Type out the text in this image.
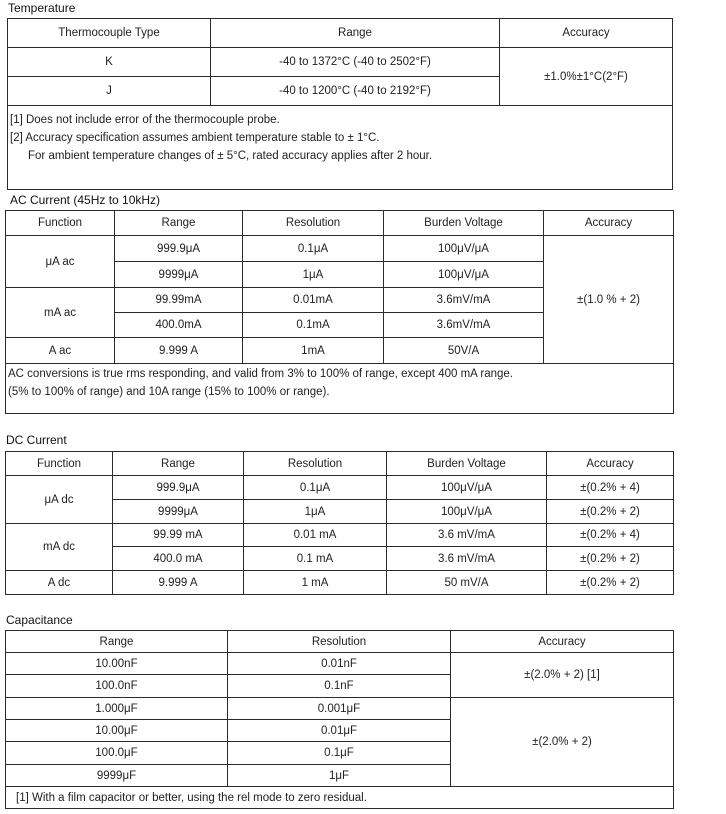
Temperature
Thermocouple Type	Range	Accuracy
K	-40 to 1372°C (-40 to 2502°F)	±1.0%±1°C(2°F)
J	-40 to 1200°C (-40 to 2192°F)	

[1] Does not include error of the thermocouple probe.
[2] Accuracy specification assumes ambient temperature stable to ± 1°C.
For ambient temperature changes of ± 5°C, rated accuracy applies after 2 hour.		
AC Current (45Hz to 10kHz)
Function	Range	Resolution	Burden Voltage	Accuracy
μA ac	999.9μA	0.1μA	100μV/μA	±(1.0 % + 2)
	9999μA	1μA	100μV/μA	
mA ac	99.99mA	0.01mA	3.6mV/mA	
	400.0mA	0.1mA	3.6mV/mA	
A ac	9.999 A	1mA	50V/A	

AC conversions is true rms responding, and valid from 3% to 100% of range, except 400 mA range.
(5% to 100% of range) and 10A range (15% to 100% or range).				
DC Current
Function	Range	Resolution	Burden Voltage	Accuracy
μA dc	999.9μA	0.1μA	100μV/μA	±(0.2% + 4)
	9999μA	1μA	100μV/μA	±(0.2% + 2)
mA dc	99.99 mA	0.01 mA	3.6 mV/mA	±(0.2% + 4)
	400.0 mA	0.1 mA	3.6 mV/mA	±(0.2% + 2)
A dc	9.999 A	1 mA	50 mV/A	±(0.2% + 2)
Capacitance
Range	Resolution	Accuracy
10.00nF	0.01nF	±(2.0% + 2) [1]
100.0nF	0.1nF	
1.000μF	0.001μF	±(2.0% + 2)
10.00μF	0.01μF	
100.0μF	0.1μF	
9999μF	1μF	
[1] With a film capacitor or better, using the rel mode to zero residual.		
